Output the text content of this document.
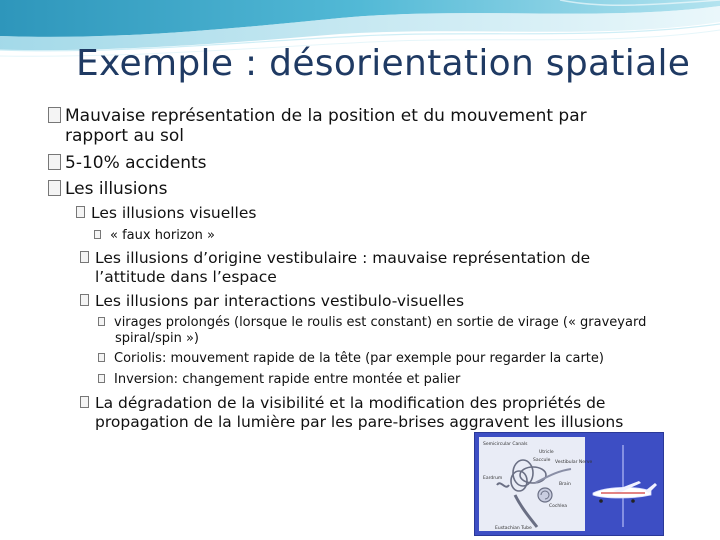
Exemple : désorientation spatiale
Mauvaise représentation de la position et du mouvement par
rapport au sol
5-10% accidents
Les illusions
Les illusions visuelles
« faux horizon »
Les illusions d’origine vestibulaire : mauvaise représentation de
l’attitude dans l’espace
Les illusions par interactions vestibulo-visuelles
virages prolongés (lorsque le roulis est constant) en sortie de virage (« graveyard
spiral/spin »)
Coriolis: mouvement rapide de la tête (par exemple pour regarder la carte)
Inversion: changement rapide entre montée et palier
La dégradation de la visibilité et la modification des propriétés de
propagation de la lumière par les pare-brises aggravent les illusions
Semicircular Canals
Utricle
Saccule Vestibular Nerve
Brain
Cochlea
Eardrum
Eustachian Tube
